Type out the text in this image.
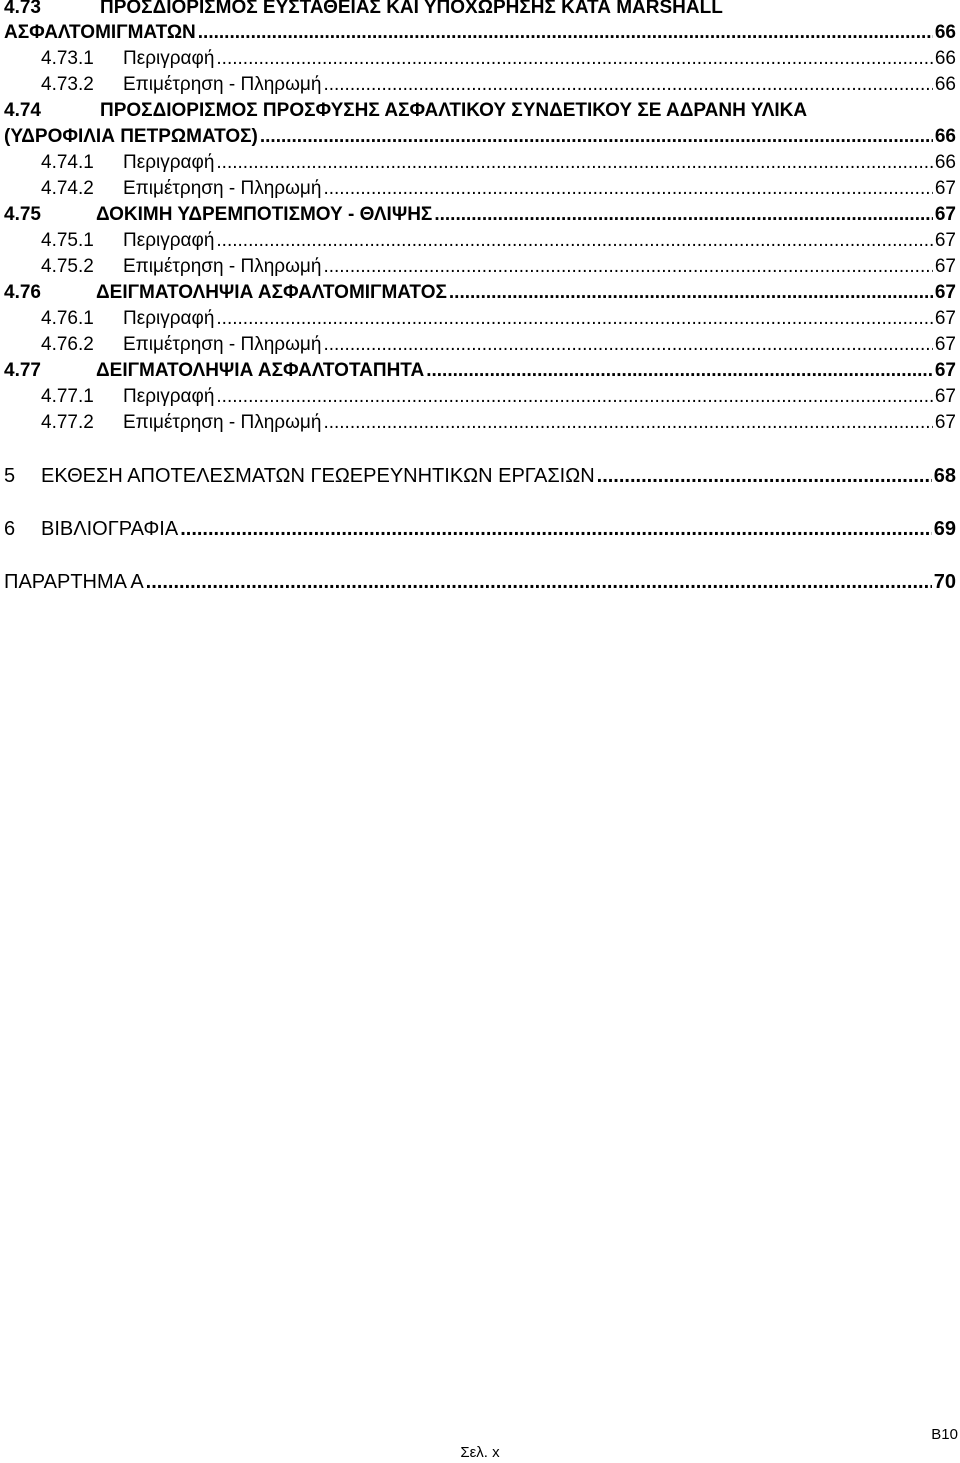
4.73	ΠΡΟΣΔΙΟΡΙΣΜΟΣ ΕΥΣΤΑΘΕΙΑΣ ΚΑΙ ΥΠΟΧΩΡΗΣΗΣ ΚΑΤΑ MARSHALL
ΑΣΦΑΛΤΟΜΙΓΜΑΤΩΝ .....	66
4.73.1 Περιγραφή .....	66
4.73.2 Επιμέτρηση - Πληρωμή .....	66
4.74	ΠΡΟΣΔΙΟΡΙΣΜΟΣ ΠΡΟΣΦΥΣΗΣ ΑΣΦΑΛΤΙΚΟΥ ΣΥΝΔΕΤΙΚΟΥ ΣΕ ΑΔΡΑΝΗ ΥΛΙΚΑ
(ΥΔΡΟΦΙΛΙΑ ΠΕΤΡΩΜΑΤΟΣ) .....	66
4.74.1 Περιγραφή .....	66
4.74.2 Επιμέτρηση - Πληρωμή .....	67
4.75	ΔΟΚΙΜΗ ΥΔΡΕΜΠΟΤΙΣΜΟΥ - ΘΛΙΨΗΣ .....	67
4.75.1 Περιγραφή .....	67
4.75.2 Επιμέτρηση - Πληρωμή .....	67
4.76	ΔΕΙΓΜΑΤΟΛΗΨΙΑ ΑΣΦΑΛΤΟΜΙΓΜΑΤΟΣ .....	67
4.76.1 Περιγραφή .....	67
4.76.2 Επιμέτρηση - Πληρωμή .....	67
4.77	ΔΕΙΓΜΑΤΟΛΗΨΙΑ ΑΣΦΑΛΤΟΤΑΠΗΤΑ .....	67
4.77.1 Περιγραφή .....	67
4.77.2 Επιμέτρηση - Πληρωμή .....	67
5 ΕΚΘΕΣΗ ΑΠΟΤΕΛΕΣΜΑΤΩΝ ΓΕΩΕΡΕΥΝΗΤΙΚΩΝ ΕΡΓΑΣΙΩΝ .....	68
6 ΒΙΒΛΙΟΓΡΑΦΙΑ .....	69
ΠΑΡΑΡΤΗΜΑ Α .....	70
B10
Σελ. x
